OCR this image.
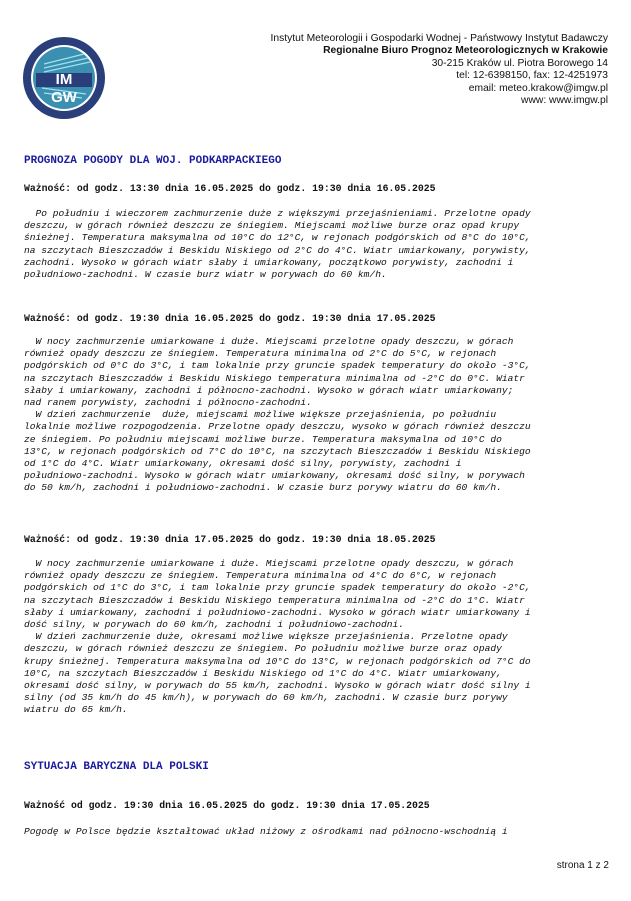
IM
GW
Instytut Meteorologii i Gospodarki Wodnej - Państwowy Instytut Badawczy
Regionalne Biuro Prognoz Meteorologicznych w Krakowie
30-215 Kraków ul. Piotra Borowego 14
tel: 12-6398150, fax: 12-4251973
email: meteo.krakow@imgw.pl
www: www.imgw.pl
PROGNOZA POGODY DLA WOJ. PODKARPACKIEGO
Ważność: od godz. 13:30 dnia 16.05.2025 do godz. 19:30 dnia 16.05.2025
Po południu i wieczorem zachmurzenie duże z większymi przejaśnieniami. Przelotne opady
deszczu, w górach również deszczu ze śniegiem. Miejscami możliwe burze oraz opad krupy
śnieżnej. Temperatura maksymalna od 10°C do 12°C, w rejonach podgórskich od 8°C do 10°C,
na szczytach Bieszczadów i Beskidu Niskiego od 2°C do 4°C. Wiatr umiarkowany, porywisty,
zachodni. Wysoko w górach wiatr słaby i umiarkowany, początkowo porywisty, zachodni i
południowo-zachodni. W czasie burz wiatr w porywach do 60 km/h.
Ważność: od godz. 19:30 dnia 16.05.2025 do godz. 19:30 dnia 17.05.2025
W nocy zachmurzenie umiarkowane i duże. Miejscami przelotne opady deszczu, w górach
również opady deszczu ze śniegiem. Temperatura minimalna od 2°C do 5°C, w rejonach
podgórskich od 0°C do 3°C, i tam lokalnie przy gruncie spadek temperatury do około -3°C,
na szczytach Bieszczadów i Beskidu Niskiego temperatura minimalna od -2°C do 0°C. Wiatr
słaby i umiarkowany, zachodni i północno-zachodni. Wysoko w górach wiatr umiarkowany;
nad ranem porywisty, zachodni i północno-zachodni.
W dzień zachmurzenie  duże, miejscami możliwe większe przejaśnienia, po południu
lokalnie możliwe rozpogodzenia. Przelotne opady deszczu, wysoko w górach również deszczu
ze śniegiem. Po południu miejscami możliwe burze. Temperatura maksymalna od 10°C do
13°C, w rejonach podgórskich od 7°C do 10°C, na szczytach Bieszczadów i Beskidu Niskiego
od 1°C do 4°C. Wiatr umiarkowany, okresami dość silny, porywisty, zachodni i
południowo-zachodni. Wysoko w górach wiatr umiarkowany, okresami dość silny, w porywach
do 50 km/h, zachodni i południowo-zachodni. W czasie burz porywy wiatru do 60 km/h.
Ważność: od godz. 19:30 dnia 17.05.2025 do godz. 19:30 dnia 18.05.2025
W nocy zachmurzenie umiarkowane i duże. Miejscami przelotne opady deszczu, w górach
również opady deszczu ze śniegiem. Temperatura minimalna od 4°C do 6°C, w rejonach
podgórskich od 1°C do 3°C, i tam lokalnie przy gruncie spadek temperatury do około -2°C,
na szczytach Bieszczadów i Beskidu Niskiego temperatura minimalna od -2°C do 1°C. Wiatr
słaby i umiarkowany, zachodni i południowo-zachodni. Wysoko w górach wiatr umiarkowany i
dość silny, w porywach do 60 km/h, zachodni i południowo-zachodni.
W dzień zachmurzenie duże, okresami możliwe większe przejaśnienia. Przelotne opady
deszczu, w górach również deszczu ze śniegiem. Po południu możliwe burze oraz opady
krupy śnieżnej. Temperatura maksymalna od 10°C do 13°C, w rejonach podgórskich od 7°C do
10°C, na szczytach Bieszczadów i Beskidu Niskiego od 1°C do 4°C. Wiatr umiarkowany,
okresami dość silny, w porywach do 55 km/h, zachodni. Wysoko w górach wiatr dość silny i
silny (od 35 km/h do 45 km/h), w porywach do 60 km/h, zachodni. W czasie burz porywy
wiatru do 65 km/h.
SYTUACJA BARYCZNA DLA POLSKI
Ważność od godz. 19:30 dnia 16.05.2025 do godz. 19:30 dnia 17.05.2025
Pogodę w Polsce będzie kształtować układ niżowy z ośrodkami nad północno-wschodnią i
strona 1 z 2
